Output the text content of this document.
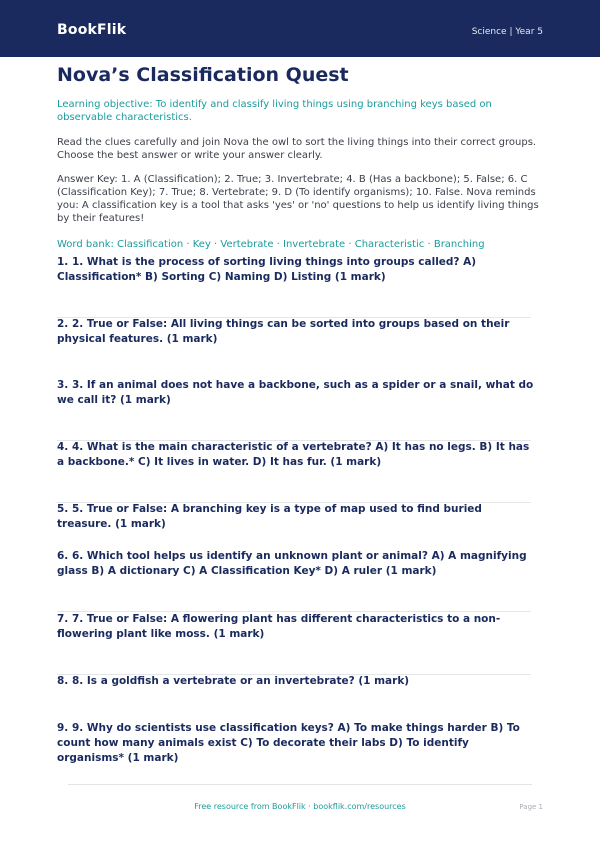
BookFlik	Science | Year 5
Nova’s Classification Quest

Learning objective: To identify and classify living things using branching keys based on observable characteristics.

Read the clues carefully and join Nova the owl to sort the living things into their correct groups. Choose the best answer or write your answer clearly.

Answer Key: 1. A (Classification); 2. True; 3. Invertebrate; 4. B (Has a backbone); 5. False; 6. C (Classification Key); 7. True; 8. Vertebrate; 9. D (To identify organisms); 10. False. Nova reminds you: A classification key is a tool that asks 'yes' or 'no' questions to help us identify living things by their features!

Word bank: Classification · Key · Vertebrate · Invertebrate · Characteristic · Branching

1. 1. What is the process of sorting living things into groups called? A) Classification* B) Sorting C) Naming D) Listing (1 mark)
2. 2. True or False: All living things can be sorted into groups based on their physical features. (1 mark)
3. 3. If an animal does not have a backbone, such as a spider or a snail, what do we call it? (1 mark)
4. 4. What is the main characteristic of a vertebrate? A) It has no legs. B) It has a backbone.* C) It lives in water. D) It has fur. (1 mark)
5. 5. True or False: A branching key is a type of map used to find buried treasure. (1 mark)
6. 6. Which tool helps us identify an unknown plant or animal? A) A magnifying glass B) A dictionary C) A Classification Key* D) A ruler (1 mark)
7. 7. True or False: A flowering plant has different characteristics to a non-flowering plant like moss. (1 mark)
8. 8. Is a goldfish a vertebrate or an invertebrate? (1 mark)
9. 9. Why do scientists use classification keys? A) To make things harder B) To count how many animals exist C) To decorate their labs D) To identify organisms* (1 mark)
Free resource from BookFlik · bookflik.com/resources	Page 1
